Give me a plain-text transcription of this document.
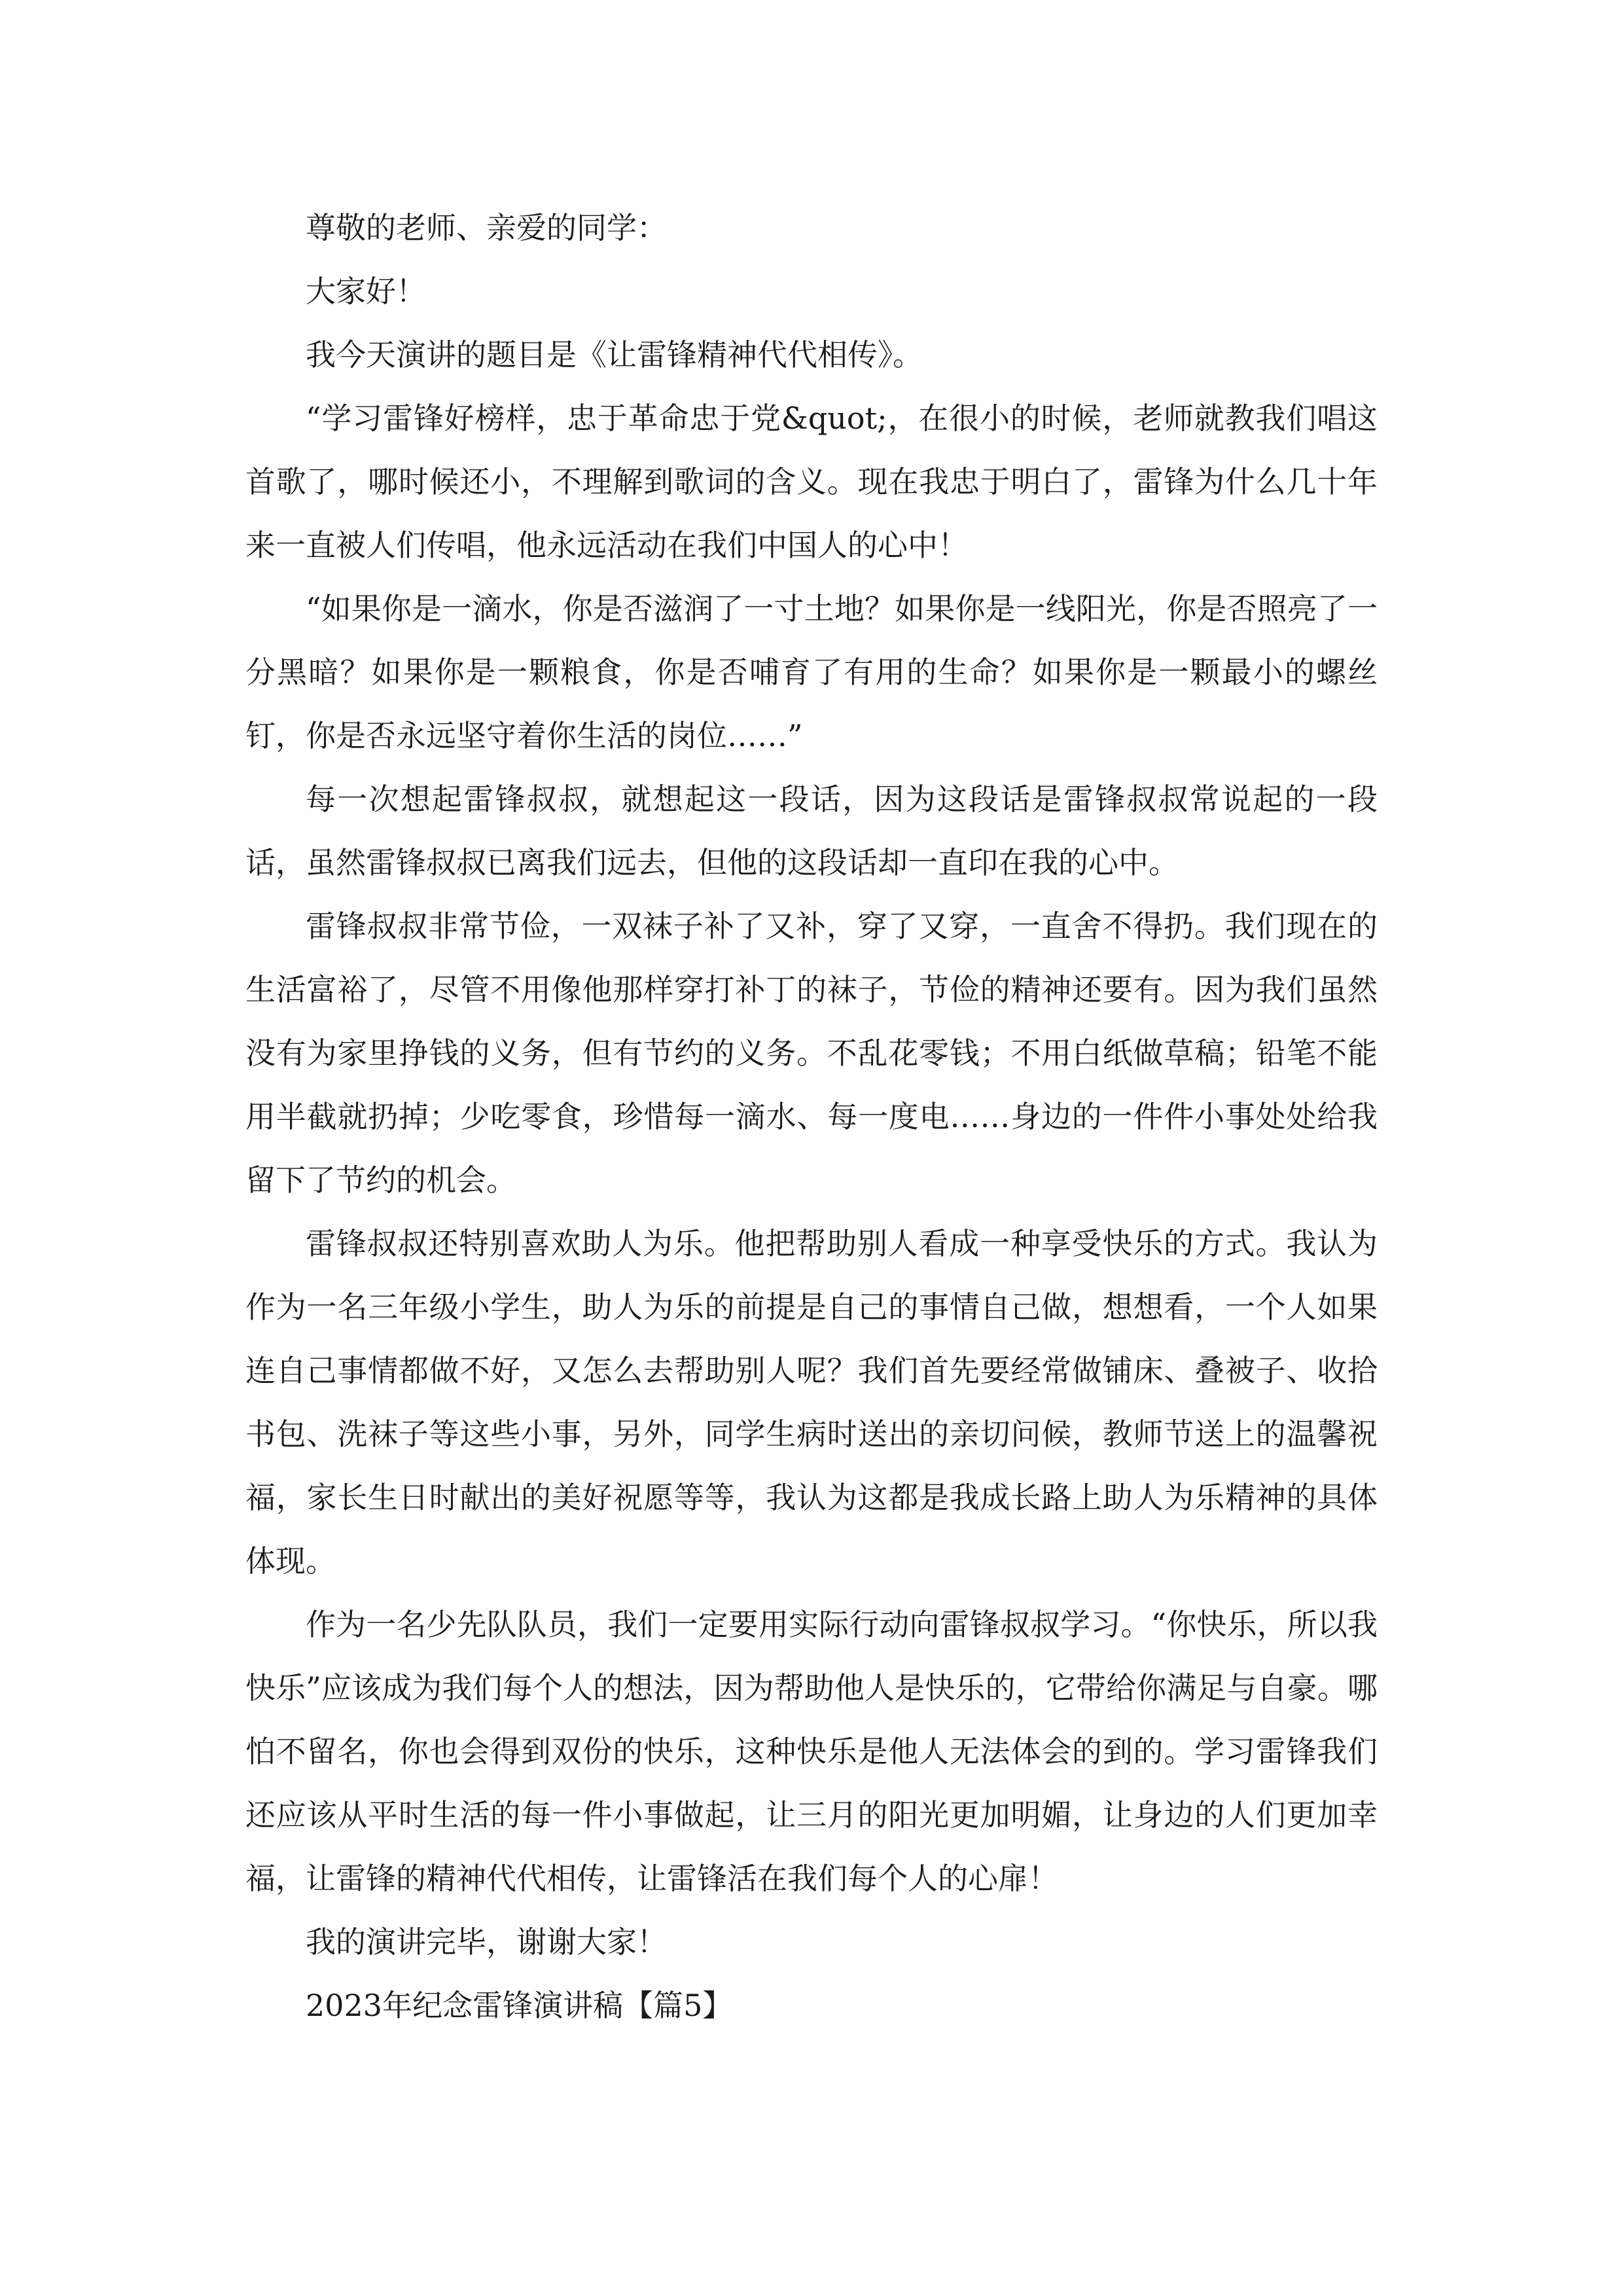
尊敬的老师、亲爱的同学：

大家好！

我今天演讲的题目是《让雷锋精神代代相传》。

“学习雷锋好榜样，忠于革命忠于党&quot;，在很小的时候，老师就教我们唱这首歌了，哪时候还小，不理解到歌词的含义。现在我忠于明白了，雷锋为什么几十年来一直被人们传唱，他永远活动在我们中国人的心中！

“如果你是一滴水，你是否滋润了一寸土地？如果你是一线阳光，你是否照亮了一分黑暗？如果你是一颗粮食，你是否哺育了有用的生命？如果你是一颗最小的螺丝钉，你是否永远坚守着你生活的岗位……”

每一次想起雷锋叔叔，就想起这一段话，因为这段话是雷锋叔叔常说起的一段话，虽然雷锋叔叔已离我们远去，但他的这段话却一直印在我的心中。

雷锋叔叔非常节俭，一双袜子补了又补，穿了又穿，一直舍不得扔。我们现在的生活富裕了，尽管不用像他那样穿打补丁的袜子，节俭的精神还要有。因为我们虽然没有为家里挣钱的义务，但有节约的义务。不乱花零钱；不用白纸做草稿；铅笔不能用半截就扔掉；少吃零食，珍惜每一滴水、每一度电……身边的一件件小事处处给我留下了节约的机会。

雷锋叔叔还特别喜欢助人为乐。他把帮助别人看成一种享受快乐的方式。我认为作为一名三年级小学生，助人为乐的前提是自己的事情自己做，想想看，一个人如果连自己事情都做不好，又怎么去帮助别人呢？我们首先要经常做铺床、叠被子、收拾书包、洗袜子等这些小事，另外，同学生病时送出的亲切问候，教师节送上的温馨祝福，家长生日时献出的美好祝愿等等，我认为这都是我成长路上助人为乐精神的具体体现。

作为一名少先队队员，我们一定要用实际行动向雷锋叔叔学习。“你快乐，所以我快乐”应该成为我们每个人的想法，因为帮助他人是快乐的，它带给你满足与自豪。哪怕不留名，你也会得到双份的快乐，这种快乐是他人无法体会的到的。学习雷锋我们还应该从平时生活的每一件小事做起，让三月的阳光更加明媚，让身边的人们更加幸福，让雷锋的精神代代相传，让雷锋活在我们每个人的心扉！

我的演讲完毕，谢谢大家！

2023年纪念雷锋演讲稿【篇5】
